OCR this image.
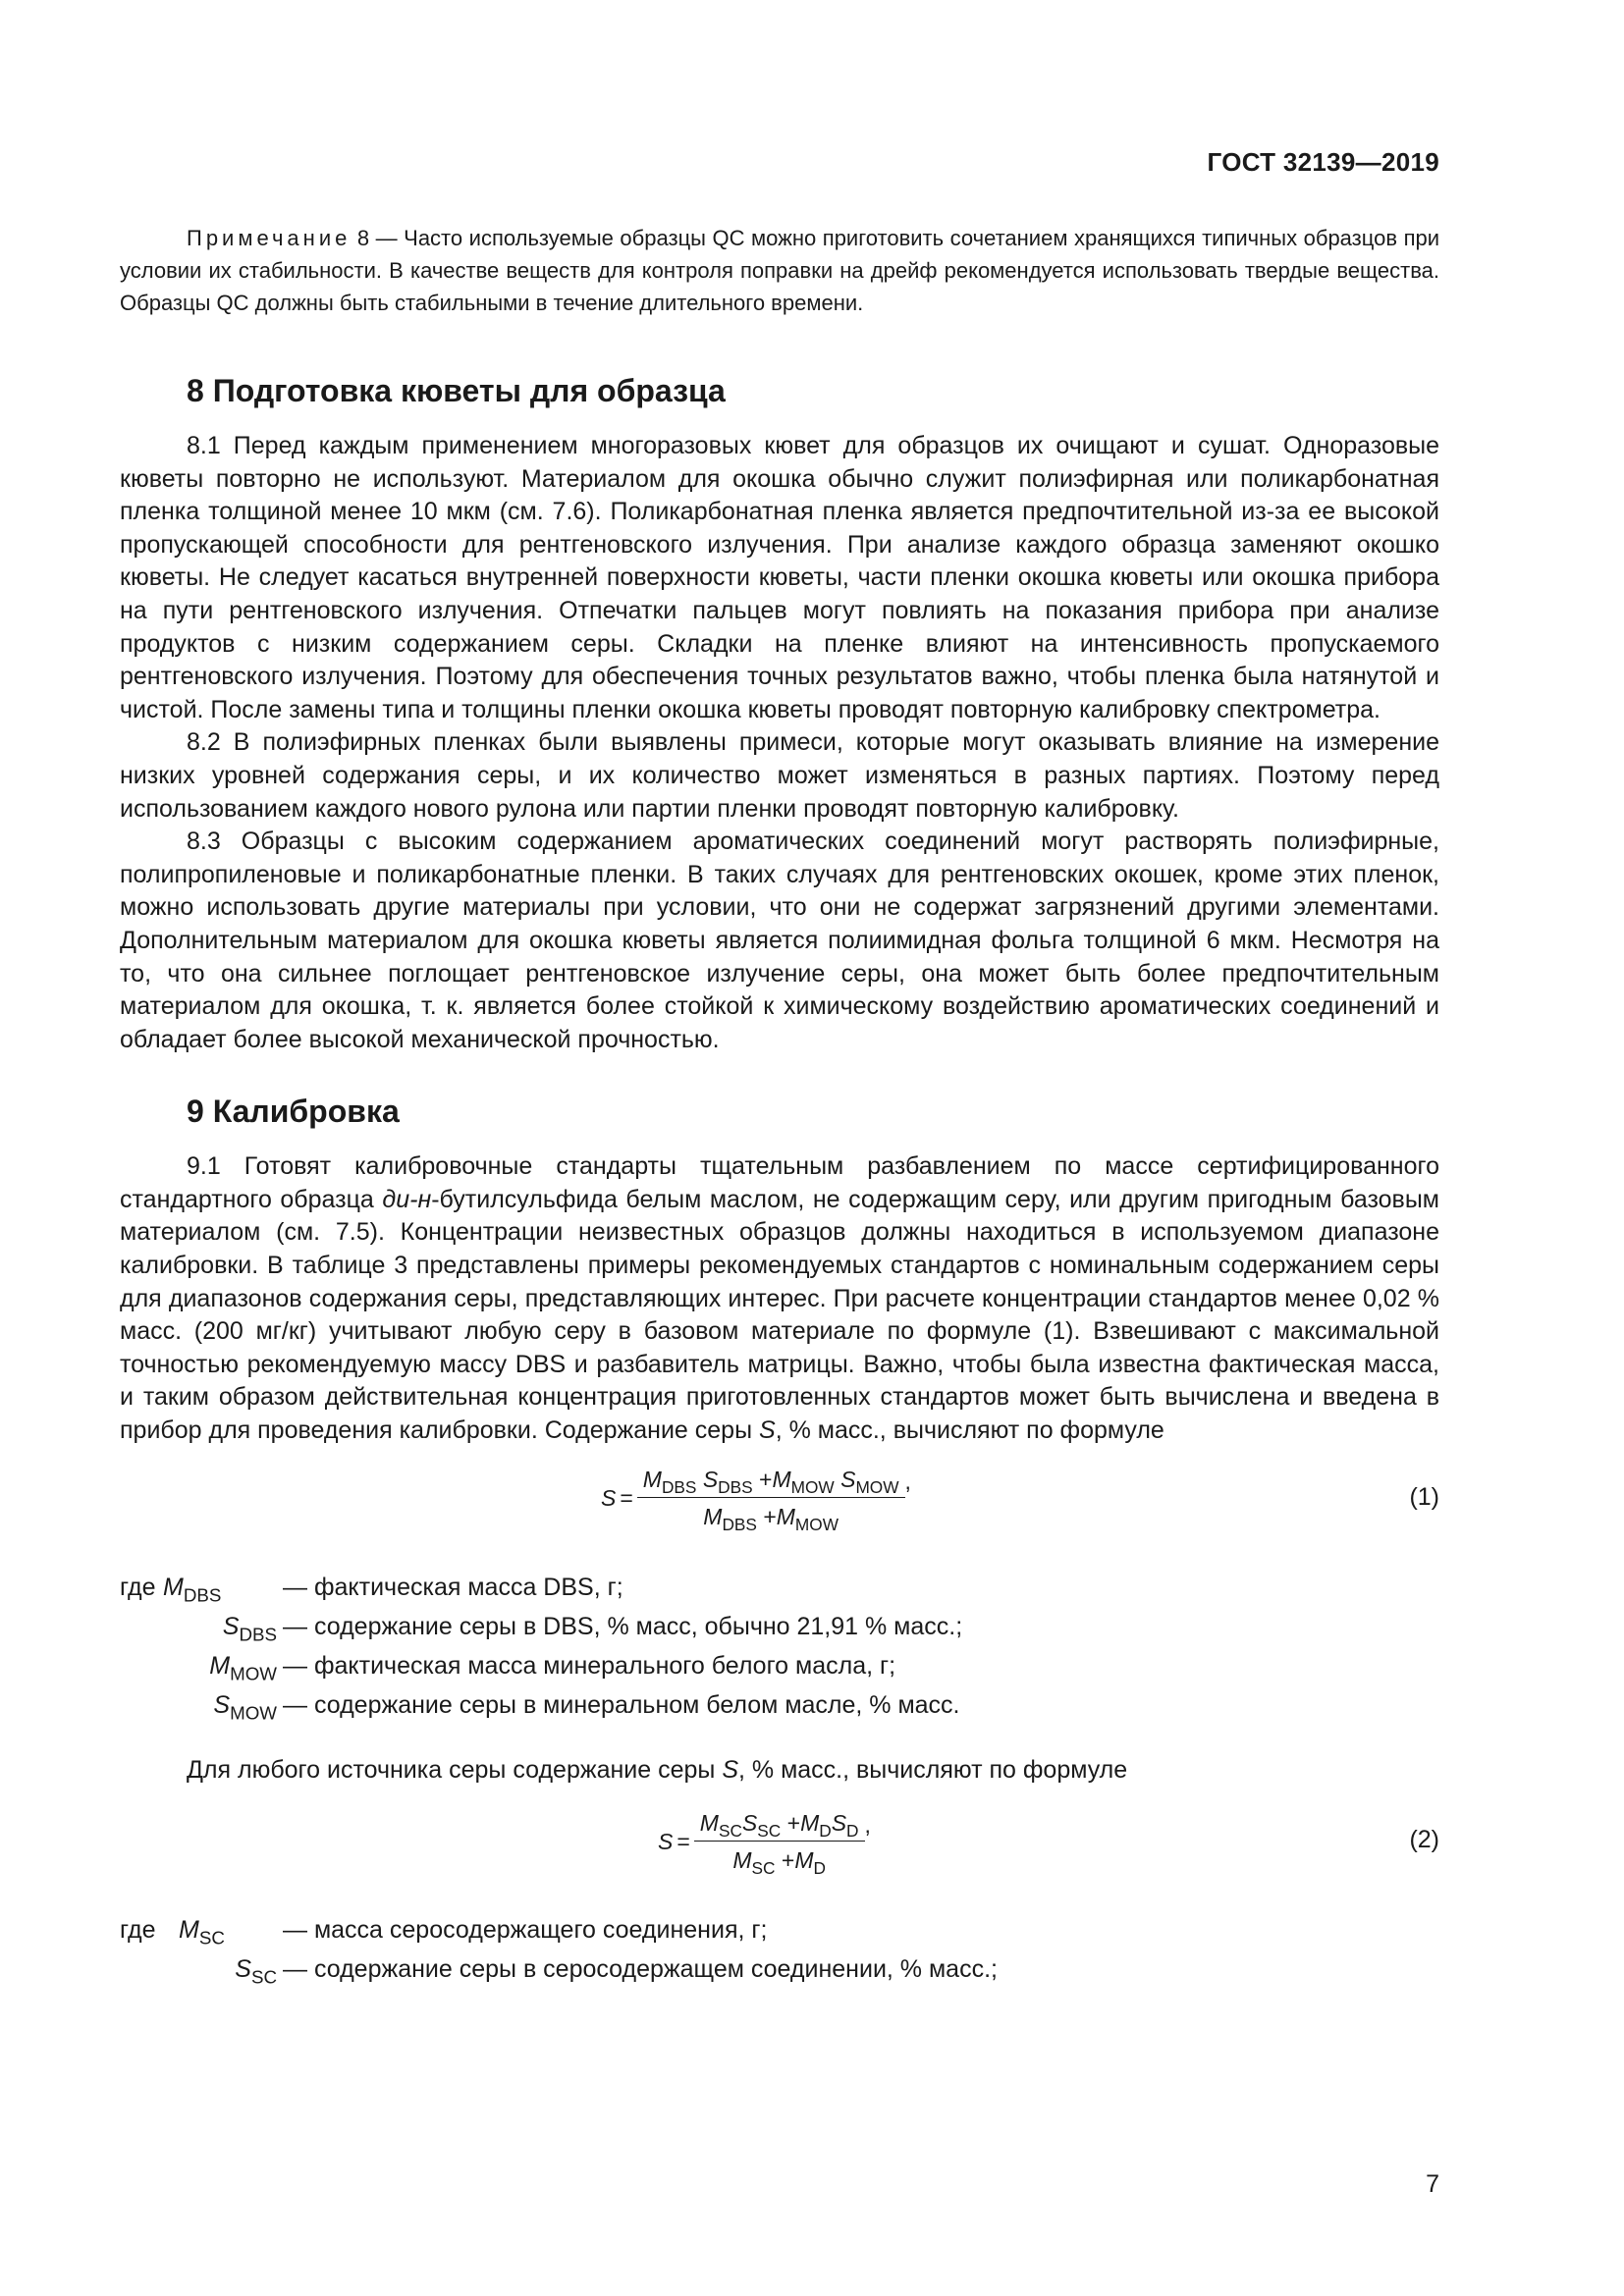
ГОСТ 32139—2019

Примечание 8 — Часто используемые образцы QC можно приготовить сочетанием хранящихся типичных образцов при условии их стабильности. В качестве веществ для контроля поправки на дрейф рекомендуется использовать твердые вещества. Образцы QC должны быть стабильными в течение длительного времени.

8 Подготовка кюветы для образца

8.1 Перед каждым применением многоразовых кювет для образцов их очищают и сушат. Одноразовые кюветы повторно не используют. Материалом для окошка обычно служит полиэфирная или поликарбонатная пленка толщиной менее 10 мкм (см. 7.6). Поликарбонатная пленка является предпочтительной из-за ее высокой пропускающей способности для рентгеновского излучения. При анализе каждого образца заменяют окошко кюветы. Не следует касаться внутренней поверхности кюветы, части пленки окошка кюветы или окошка прибора на пути рентгеновского излучения. Отпечатки пальцев могут повлиять на показания прибора при анализе продуктов с низким содержанием серы. Складки на пленке влияют на интенсивность пропускаемого рентгеновского излучения. Поэтому для обеспечения точных результатов важно, чтобы пленка была натянутой и чистой. После замены типа и толщины пленки окошка кюветы проводят повторную калибровку спектрометра.

8.2 В полиэфирных пленках были выявлены примеси, которые могут оказывать влияние на измерение низких уровней содержания серы, и их количество может изменяться в разных партиях. Поэтому перед использованием каждого нового рулона или партии пленки проводят повторную калибровку.

8.3 Образцы с высоким содержанием ароматических соединений могут растворять полиэфирные, полипропиленовые и поликарбонатные пленки. В таких случаях для рентгеновских окошек, кроме этих пленок, можно использовать другие материалы при условии, что они не содержат загрязнений другими элементами. Дополнительным материалом для окошка кюветы является полиимидная фольга толщиной 6 мкм. Несмотря на то, что она сильнее поглощает рентгеновское излучение серы, она может быть более предпочтительным материалом для окошка, т. к. является более стойкой к химическому воздействию ароматических соединений и обладает более высокой механической прочностью.

9 Калибровка

9.1 Готовят калибровочные стандарты тщательным разбавлением по массе сертифицированного стандартного образца ди-н-бутилсульфида белым маслом, не содержащим серу, или другим пригодным базовым материалом (см. 7.5). Концентрации неизвестных образцов должны находиться в используемом диапазоне калибровки. В таблице 3 представлены примеры рекомендуемых стандартов с номинальным содержанием серы для диапазонов содержания серы, представляющих интерес. При расчете концентрации стандартов менее 0,02 % масс. (200 мг/кг) учитывают любую серу в базовом материале по формуле (1). Взвешивают с максимальной точностью рекомендуемую массу DBS и разбавитель матрицы. Важно, чтобы была известна фактическая масса, и таким образом действительная концентрация приготовленных стандартов может быть вычислена и введена в прибор для проведения калибровки. Содержание серы S, % масс., вычисляют по формуле

$S = \frac{M_{DBS} S_{DBS} +M_{MOW} S_{MOW}}{M_{DBS} +M_{MOW}}$ ,
(1)
где $M_{DBS}$	— фактическая масса DBS, г;
$S_{DBS}$ — содержание серы в DBS, % масс, обычно 21,91 % масс.;
$M_{MOW}$ — фактическая масса минерального белого масла, г;
$S_{MOW}$ — содержание серы в минеральном белом масле, % масс.

Для любого источника серы содержание серы S, % масс., вычисляют по формуле

$S = \frac{M_{SC}S_{SC} +M_DS_D}{M_{SC} +M_D}$ ,
(2)
где $M_{SC}$	— масса серосодержащего соединения, г;
$S_{SC}$ — содержание серы в серосодержащем соединении, % масс.;
7
